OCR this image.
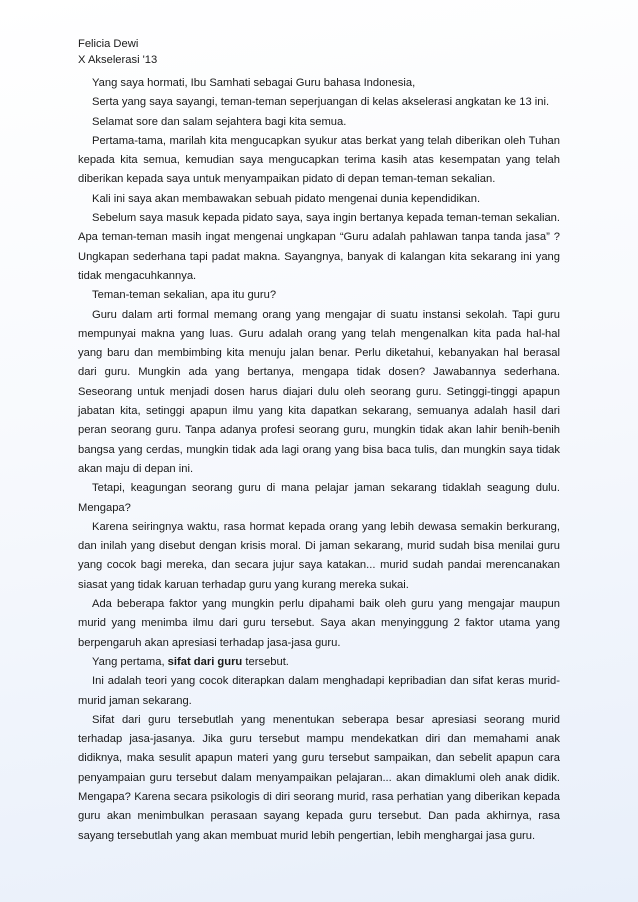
Felicia Dewi
X Akselerasi '13

Yang saya hormati, Ibu Samhati sebagai Guru bahasa Indonesia,

Serta yang saya sayangi, teman-teman seperjuangan di kelas akselerasi angkatan ke 13 ini.

Selamat sore dan salam sejahtera bagi kita semua.

Pertama-tama, marilah kita mengucapkan syukur atas berkat yang telah diberikan oleh Tuhan kepada kita semua, kemudian saya mengucapkan terima kasih atas kesempatan yang telah diberikan kepada saya untuk menyampaikan pidato di depan teman-teman sekalian.

Kali ini saya akan membawakan sebuah pidato mengenai dunia kependidikan.

Sebelum saya masuk kepada pidato saya, saya ingin bertanya kepada teman-teman sekalian. Apa teman-teman masih ingat mengenai ungkapan “Guru adalah pahlawan tanpa tanda jasa” ? Ungkapan sederhana tapi padat makna. Sayangnya, banyak di kalangan kita sekarang ini yang tidak mengacuhkannya.

Teman-teman sekalian, apa itu guru?

Guru dalam arti formal memang orang yang mengajar di suatu instansi sekolah. Tapi guru mempunyai makna yang luas. Guru adalah orang yang telah mengenalkan kita pada hal-hal yang baru dan membimbing kita menuju jalan benar. Perlu diketahui, kebanyakan hal berasal dari guru. Mungkin ada yang bertanya, mengapa tidak dosen? Jawabannya sederhana. Seseorang untuk menjadi dosen harus diajari dulu oleh seorang guru. Setinggi-tinggi apapun jabatan kita, setinggi apapun ilmu yang kita dapatkan sekarang, semuanya adalah hasil dari peran seorang guru. Tanpa adanya profesi seorang guru, mungkin tidak akan lahir benih-benih bangsa yang cerdas, mungkin tidak ada lagi orang yang bisa baca tulis, dan mungkin saya tidak akan maju di depan ini.

Tetapi, keagungan seorang guru di mana pelajar jaman sekarang tidaklah seagung dulu. Mengapa?

Karena seiringnya waktu, rasa hormat kepada orang yang lebih dewasa semakin berkurang, dan inilah yang disebut dengan krisis moral. Di jaman sekarang, murid sudah bisa menilai guru yang cocok bagi mereka, dan secara jujur saya katakan... murid sudah pandai merencanakan siasat yang tidak karuan terhadap guru yang kurang mereka sukai.

Ada beberapa faktor yang mungkin perlu dipahami baik oleh guru yang mengajar maupun murid yang menimba ilmu dari guru tersebut. Saya akan menyinggung 2 faktor utama yang berpengaruh akan apresiasi terhadap jasa-jasa guru.

Yang pertama, sifat dari guru tersebut.

Ini adalah teori yang cocok diterapkan dalam menghadapi kepribadian dan sifat keras murid-murid jaman sekarang.

Sifat dari guru tersebutlah yang menentukan seberapa besar apresiasi seorang murid terhadap jasa-jasanya. Jika guru tersebut mampu mendekatkan diri dan memahami anak didiknya, maka sesulit apapun materi yang guru tersebut sampaikan, dan sebelit apapun cara penyampaian guru tersebut dalam menyampaikan pelajaran... akan dimaklumi oleh anak didik. Mengapa? Karena secara psikologis di diri seorang murid, rasa perhatian yang diberikan kepada guru akan menimbulkan perasaan sayang kepada guru tersebut. Dan pada akhirnya, rasa sayang tersebutlah yang akan membuat murid lebih pengertian, lebih menghargai jasa guru.
